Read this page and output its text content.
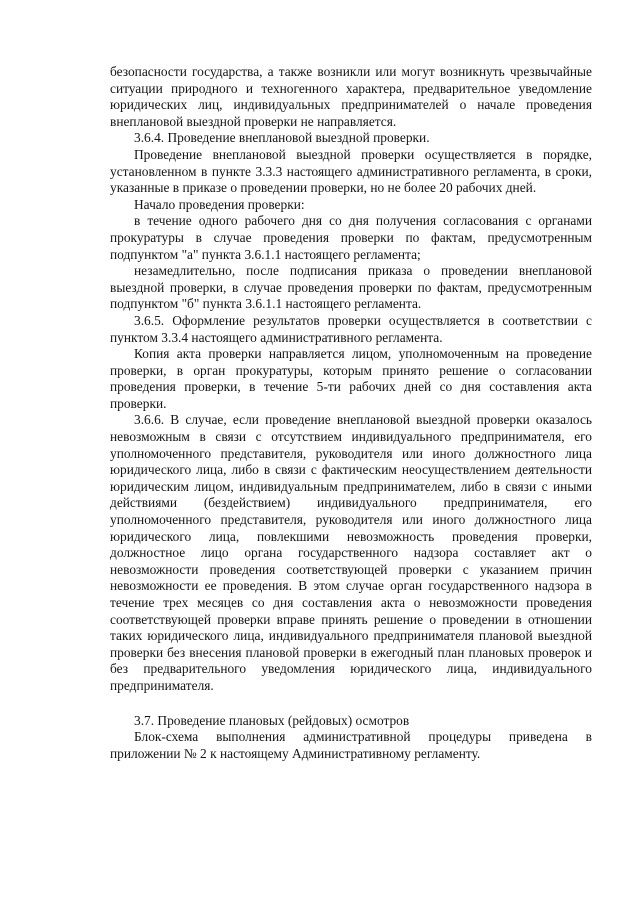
безопасности государства, а также возникли или могут возникнуть чрезвычайные ситуации природного и техногенного характера, предварительное уведомление юридических лиц, индивидуальных предпринимателей о начале проведения внеплановой выездной проверки не направляется.

3.6.4. Проведение внеплановой выездной проверки.

Проведение внеплановой выездной проверки осуществляется в порядке, установленном в пункте 3.3.3 настоящего административного регламента, в сроки, указанные в приказе о проведении проверки, но не более 20 рабочих дней.

Начало проведения проверки:

в течение одного рабочего дня со дня получения согласования с органами прокуратуры в случае проведения проверки по фактам, предусмотренным подпунктом "а" пункта 3.6.1.1 настоящего регламента;

незамедлительно, после подписания приказа о проведении внеплановой выездной проверки, в случае проведения проверки по фактам, предусмотренным подпунктом "б" пункта 3.6.1.1 настоящего регламента.

3.6.5. Оформление результатов проверки осуществляется в соответствии с пунктом 3.3.4 настоящего административного регламента.

Копия акта проверки направляется лицом, уполномоченным на проведение проверки, в орган прокуратуры, которым принято решение о согласовании проведения проверки, в течение 5-ти рабочих дней со дня составления акта проверки.

3.6.6. В случае, если проведение внеплановой выездной проверки оказалось невозможным в связи с отсутствием индивидуального предпринимателя, его уполномоченного представителя, руководителя или иного должностного лица юридического лица, либо в связи с фактическим неосуществлением деятельности юридическим лицом, индивидуальным предпринимателем, либо в связи с иными действиями (бездействием) индивидуального предпринимателя, его уполномоченного представителя, руководителя или иного должностного лица юридического лица, повлекшими невозможность проведения проверки, должностное лицо органа государственного надзора составляет акт о невозможности проведения соответствующей проверки с указанием причин невозможности ее проведения. В этом случае орган государственного надзора в течение трех месяцев со дня составления акта о невозможности проведения соответствующей проверки вправе принять решение о проведении в отношении таких юридического лица, индивидуального предпринимателя плановой выездной проверки без внесения плановой проверки в ежегодный план плановых проверок и без предварительного уведомления юридического лица, индивидуального предпринимателя.

3.7. Проведение плановых (рейдовых) осмотров

Блок-схема выполнения административной процедуры приведена в приложении № 2 к настоящему Административному регламенту.
